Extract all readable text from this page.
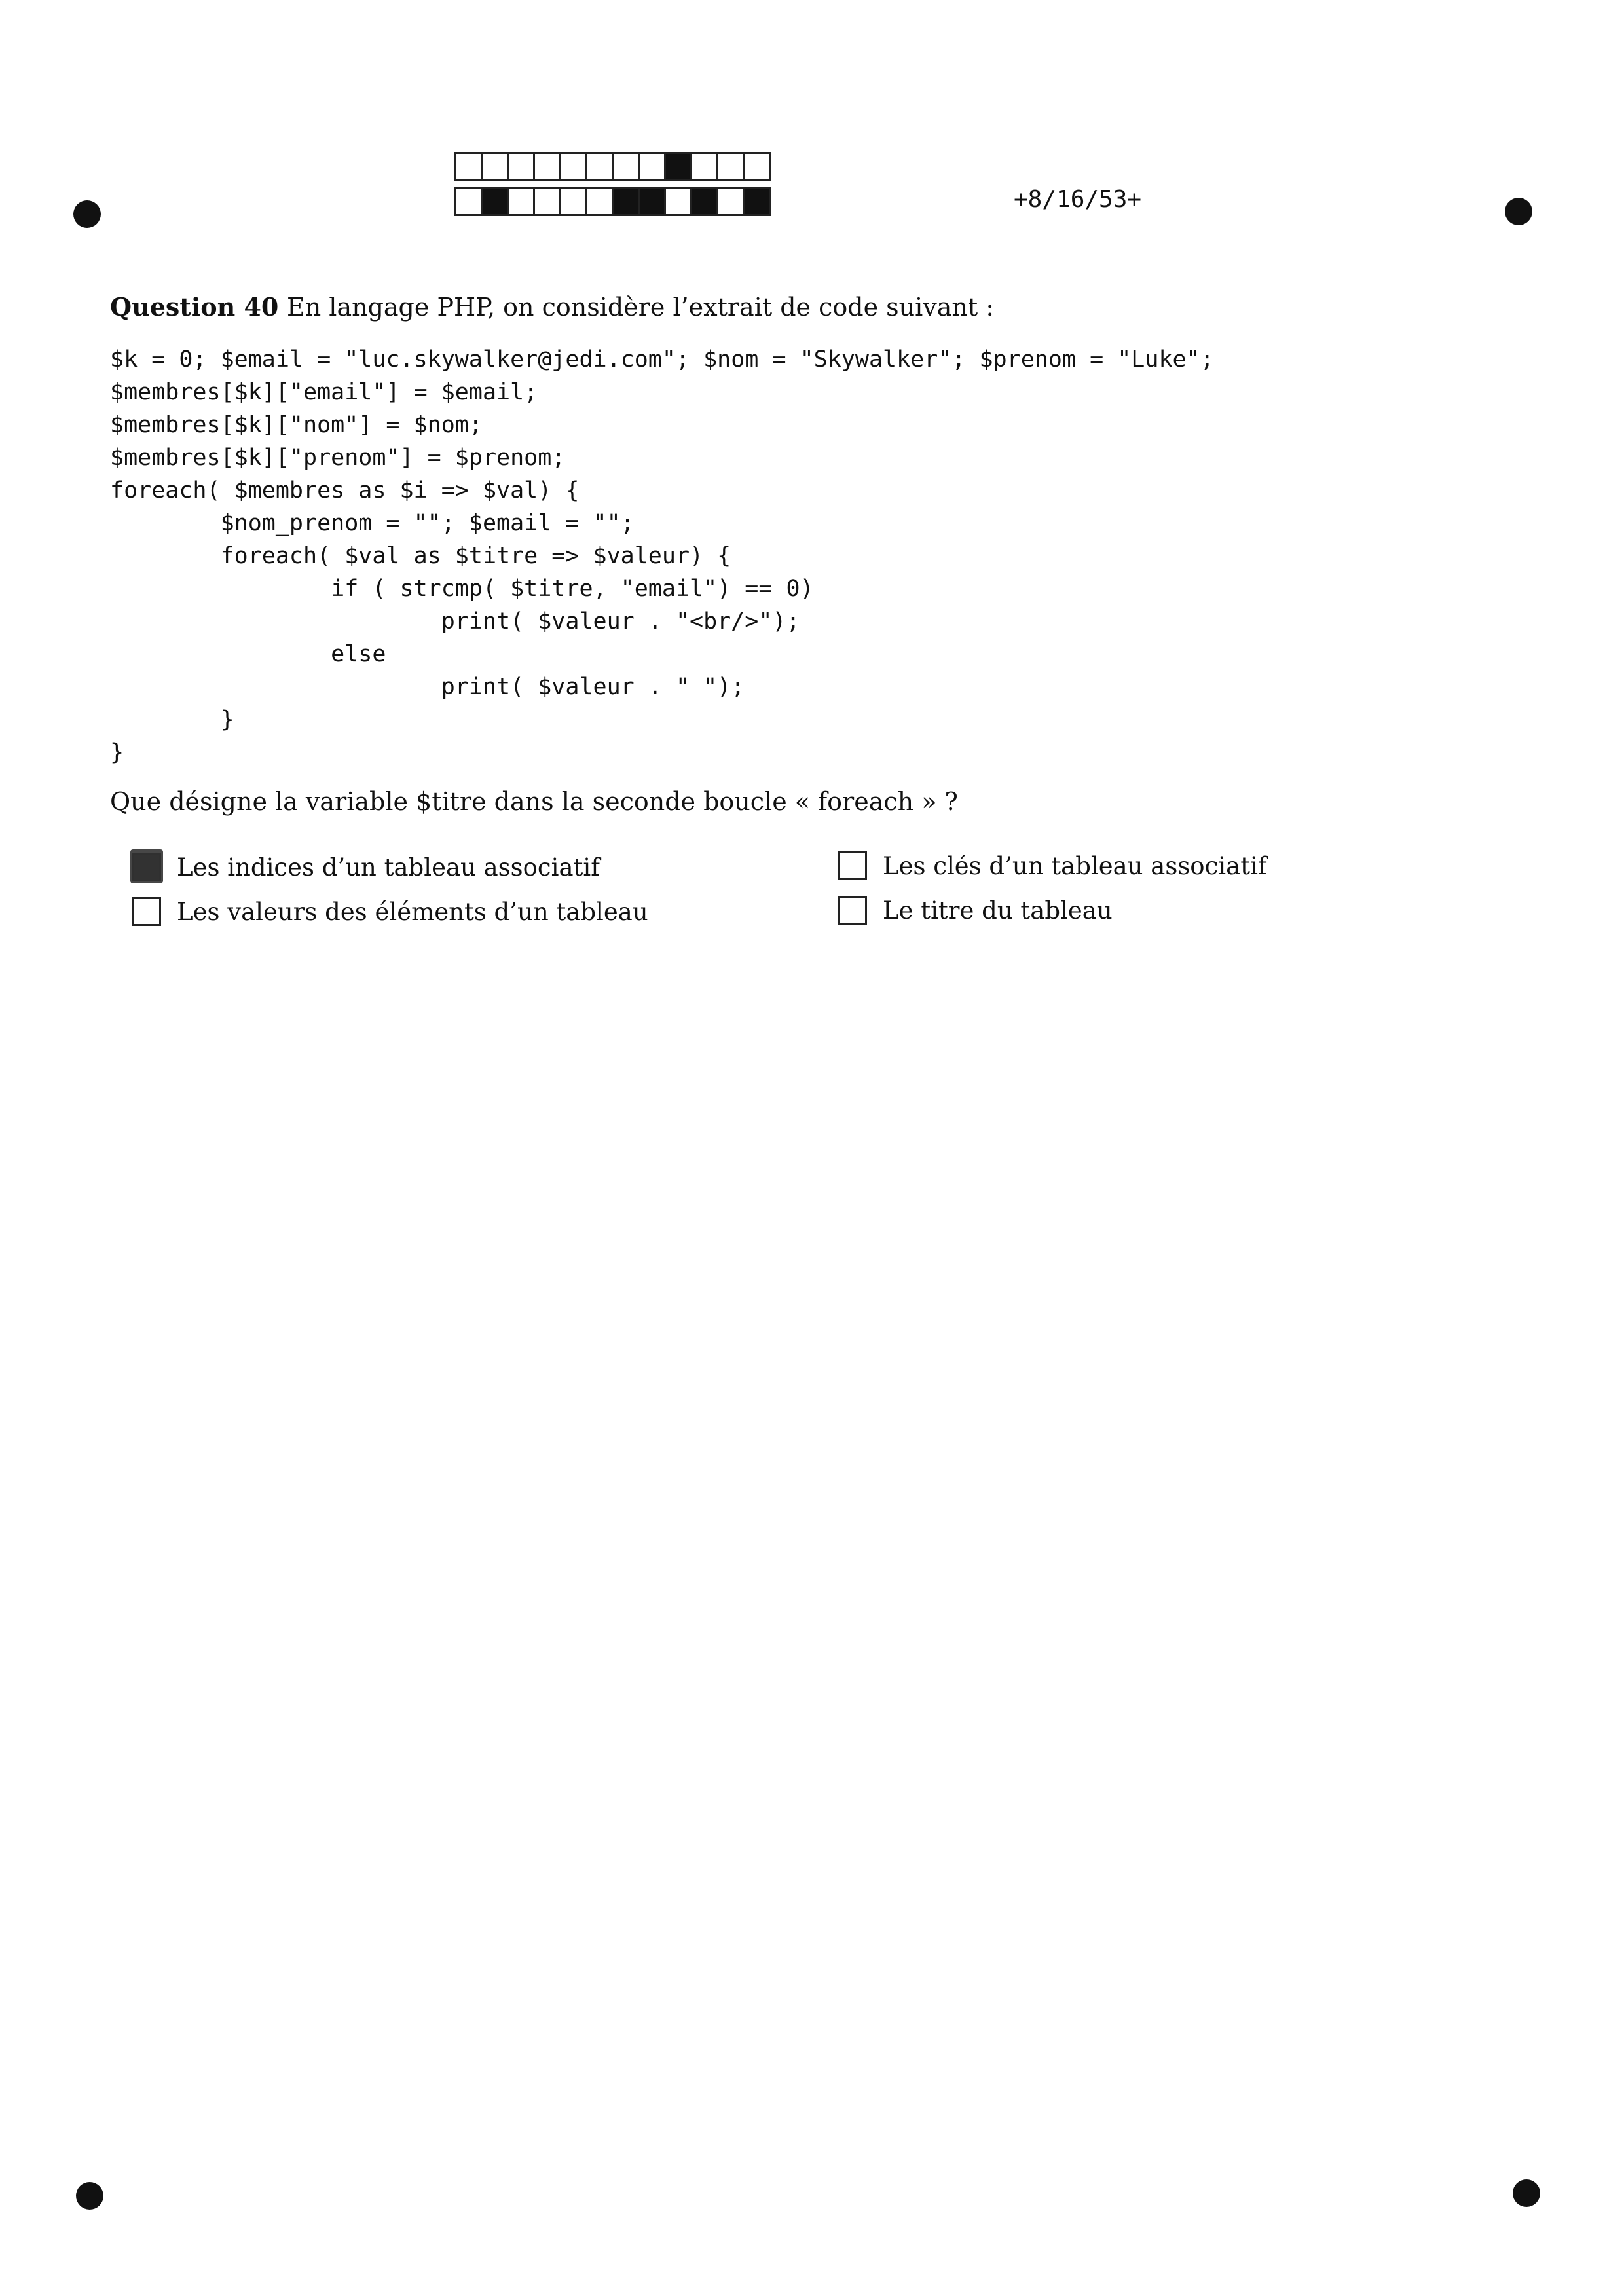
+8/16/53+
Question 40 En langage PHP, on considère l’extrait de code suivant :
$k = 0; $email = "luc.skywalker@jedi.com"; $nom = "Skywalker"; $prenom = "Luke";
$membres[$k]["email"] = $email;
$membres[$k]["nom"] = $nom;
$membres[$k]["prenom"] = $prenom;
foreach( $membres as $i => $val) {
$nom_prenom = ""; $email = "";
foreach( $val as $titre => $valeur) {
if ( strcmp( $titre, "email") == 0)
print( $valeur . "<br/>");
else
print( $valeur . " ");
}
}
Que désigne la variable $titre dans la seconde boucle « foreach » ?
Les indices d’un tableau associatif
Les valeurs des éléments d’un tableau
Les clés d’un tableau associatif
Le titre du tableau
